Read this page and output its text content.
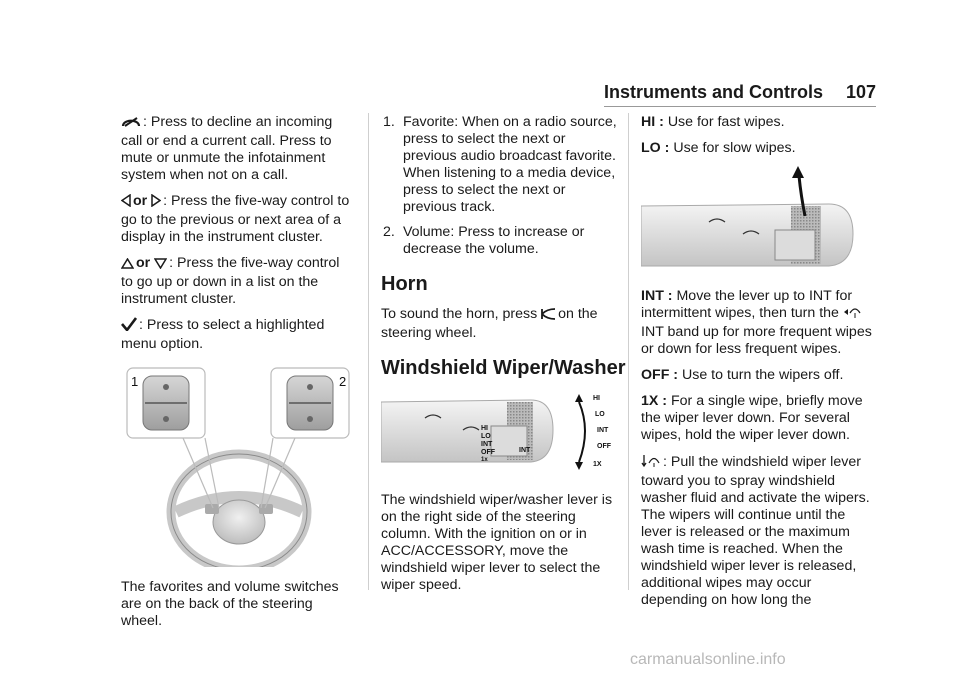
Instruments and Controls 107

: Press to decline an incoming call or end a current call. Press to mute or unmute the infotainment system when not on a call.

or : Press the five-way control to go to the previous or next area of a display in the instrument cluster.

or : Press the five-way control to go up or down in a list on the instrument cluster.

: Press to select a highlighted menu option.

1	2

The favorites and volume switches are on the back of the steering wheel.

1. Favorite: When on a radio source, press to select the next or previous audio broadcast favorite. When listening to a media device, press to select the next or previous track.
2. Volume: Press to increase or decrease the volume.
Horn

To sound the horn, press on the steering wheel.

Windshield Wiper/Washer
HI
LO
INT
OFF
1x
INT
HI
LO
INT
OFF
1X

The windshield wiper/washer lever is on the right side of the steering column. With the ignition on or in ACC/ACCESSORY, move the windshield wiper lever to select the wiper speed.

HI : Use for fast wipes.

LO : Use for slow wipes.

INT : Move the lever up to INT for intermittent wipes, then turn the  INT band up for more frequent wipes or down for less frequent wipes.

OFF : Use to turn the wipers off.

1X : For a single wipe, briefly move the wiper lever down. For several wipes, hold the wiper lever down.

: Pull the windshield wiper lever toward you to spray windshield washer fluid and activate the wipers. The wipers will continue until the lever is released or the maximum wash time is reached. When the windshield wiper lever is released, additional wipes may occur depending on how long the

carmanualsonline.info
